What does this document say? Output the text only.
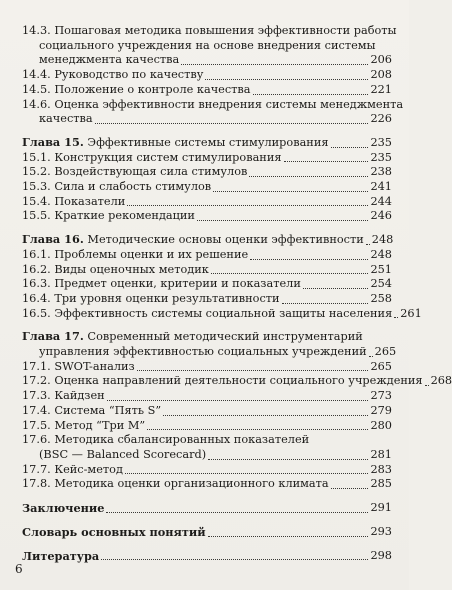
14.3. Пошаговая методика повышения эффективности работы
социального учреждения на основе внедрения системы
менеджмента качества	206
14.4. Руководство по качеству	208
14.5. Положение о контроле качества	221
14.6. Оценка эффективности внедрения системы менеджмента
качества	226
Глава 15. Эффективные системы стимулирования	235
15.1. Конструкция систем стимулирования	235
15.2. Воздействующая сила стимулов	238
15.3. Сила и слабость стимулов	241
15.4. Показатели	244
15.5. Краткие рекомендации	246
Глава 16. Методические основы оценки эффективности 248
16.1. Проблемы оценки и их решение	248
16.2. Виды оценочных методик	251
16.3. Предмет оценки, критерии и показатели	254
16.4. Три уровня оценки результативности	258
16.5. Эффективность системы социальной защиты населения 261
Глава 17. Современный методический инструментарий
управления эффективностью социальных учреждений 265
17.1. SWOT-анализ	265
17.2. Оценка направлений деятельности социального учреждения 268
17.3. Кайдзен	273
17.4. Система “Пять S”	279
17.5. Метод “Три М”	280
17.6. Методика сбалансированных показателей
(BSC — Balanced Scorecard)	281
17.7. Кейс-метод	283
17.8. Методика оценки организационного климата	285
Заключение	291
Словарь основных понятий	293
Литература	298
6
